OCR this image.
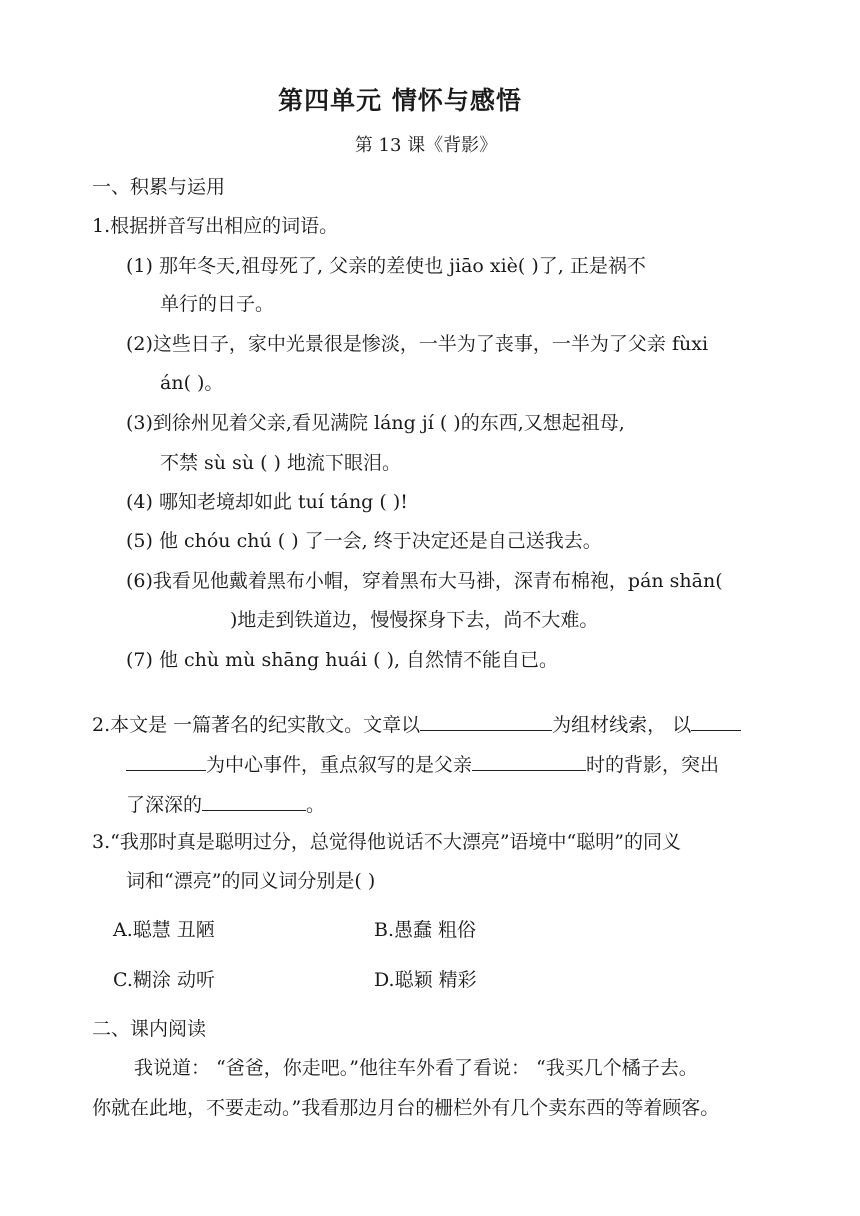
第四单元 情怀与感悟
第 13 课《背影》
一、积累与运用
1.根据拼音写出相应的词语。
(1) 那年冬天,祖母死了, 父亲的差使也 jiāo xiè( )了, 正是祸不
单行的日子。
(2)这些日子，家中光景很是惨淡，一半为了丧事，一半为了父亲 fùxi
án( )。
(3)到徐州见着父亲,看见满院 láng jí ( )的东西,又想起祖母,
不禁 sù sù ( ) 地流下眼泪。
(4) 哪知老境却如此 tuí táng ( )!
(5) 他 chóu chú ( ) 了一会, 终于决定还是自己送我去。
(6)我看见他戴着黑布小帽，穿着黑布大马褂，深青布棉袍，pán shān(
)地走到铁道边，慢慢探身下去，尚不大难。
(7) 他 chù mù shāng huái ( ), 自然情不能自已。
2.本文是 一篇著名的纪实散文。文章以	为组材线索， 以
为中心事件，重点叙写的是父亲	时的背影，突出
了深深的	。
3.“我那时真是聪明过分，总觉得他说话不大漂亮”语境中“聪明”的同义
词和“漂亮”的同义词分别是( )
A.聪慧 丑陋	B.愚蠢 粗俗
C.糊涂 动听	D.聪颖 精彩
二、课内阅读
我说道： “爸爸，你走吧。”他往车外看了看说： “我买几个橘子去。
你就在此地，不要走动。”我看那边月台的栅栏外有几个卖东西的等着顾客。
